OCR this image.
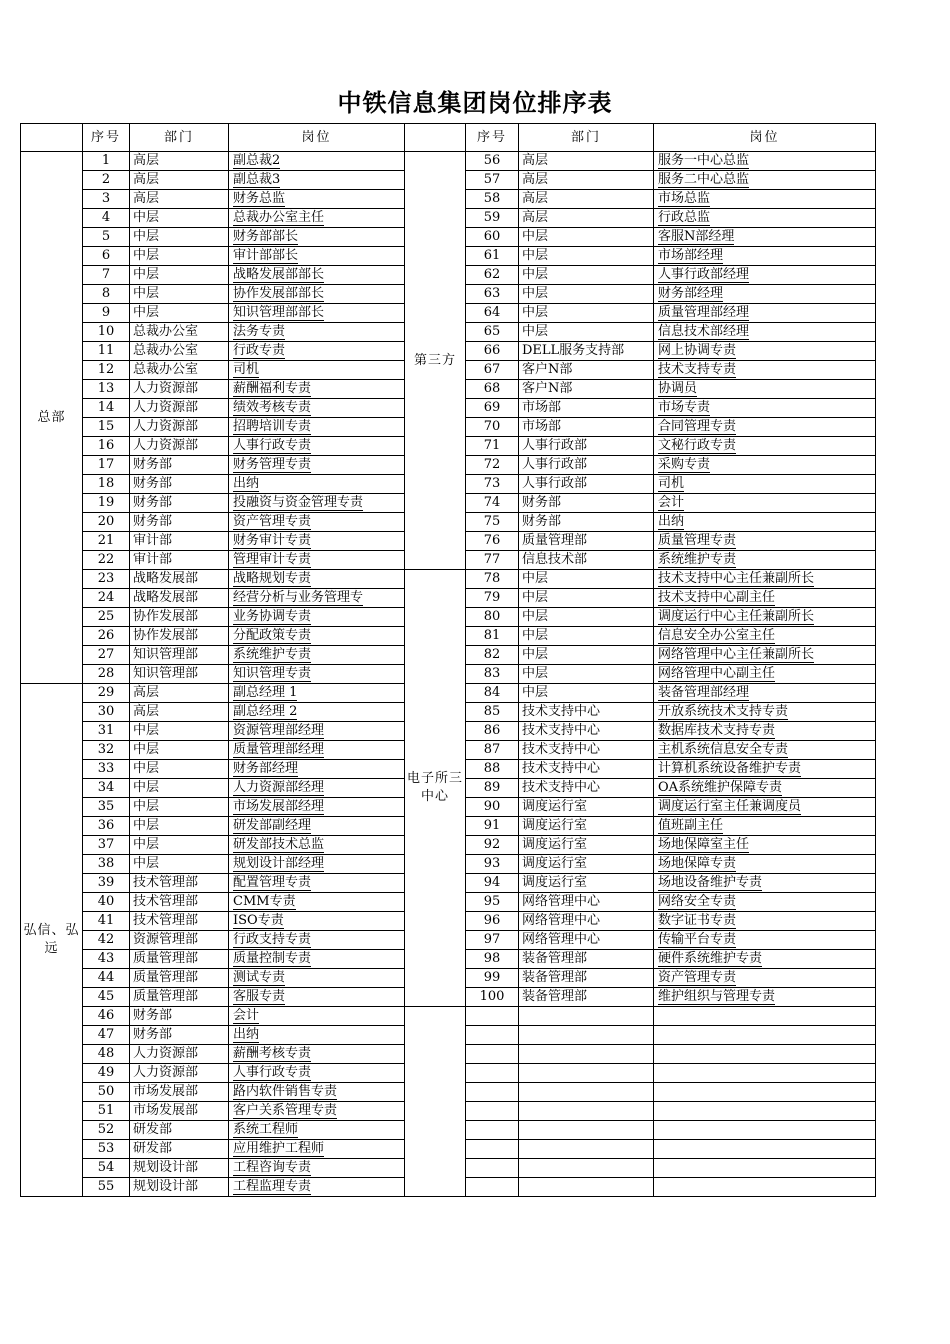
中铁信息集团岗位排序表
	序号	部门	岗位		序号	部门	岗位
总部	1	高层	副总裁2	第三方	56	高层	服务一中心总监
	2	高层	副总裁3		57	高层	服务二中心总监
	3	高层	财务总监		58	高层	市场总监
	4	中层	总裁办公室主任		59	高层	行政总监
	5	中层	财务部部长		60	中层	客服N部经理
	6	中层	审计部部长		61	中层	市场部经理
	7	中层	战略发展部部长		62	中层	人事行政部经理
	8	中层	协作发展部部长		63	中层	财务部经理
	9	中层	知识管理部部长		64	中层	质量管理部经理
	10	总裁办公室	法务专责		65	中层	信息技术部经理
	11	总裁办公室	行政专责		66	DELL服务支持部	网上协调专责
	12	总裁办公室	司机		67	客户N部	技术支持专责
	13	人力资源部	薪酬福利专责		68	客户N部	协调员
	14	人力资源部	绩效考核专责		69	市场部	市场专责
	15	人力资源部	招聘培训专责		70	市场部	合同管理专责
	16	人力资源部	人事行政专责		71	人事行政部	文秘行政专责
	17	财务部	财务管理专责		72	人事行政部	采购专责
	18	财务部	出纳		73	人事行政部	司机
	19	财务部	投融资与资金管理专责		74	财务部	会计
	20	财务部	资产管理专责		75	财务部	出纳
	21	审计部	财务审计专责		76	质量管理部	质量管理专责
	22	审计部	管理审计专责		77	信息技术部	系统维护专责
	23	战略发展部	战略规划专责	电子所三中心	78	中层	技术支持中心主任兼副所长
	24	战略发展部	经营分析与业务管理专		79	中层	技术支持中心副主任
	25	协作发展部	业务协调专责		80	中层	调度运行中心主任兼副所长
	26	协作发展部	分配政策专责		81	中层	信息安全办公室主任
	27	知识管理部	系统维护专责		82	中层	网络管理中心主任兼副所长
	28	知识管理部	知识管理专责		83	中层	网络管理中心副主任
弘信、弘远	29	高层	副总经理 1		84	中层	装备管理部经理
	30	高层	副总经理 2		85	技术支持中心	开放系统技术支持专责
	31	中层	资源管理部经理		86	技术支持中心	数据库技术支持专责
	32	中层	质量管理部经理		87	技术支持中心	主机系统信息安全专责
	33	中层	财务部经理		88	技术支持中心	计算机系统设备维护专责
	34	中层	人力资源部经理		89	技术支持中心	OA系统维护保障专责
	35	中层	市场发展部经理		90	调度运行室	调度运行室主任兼调度员
	36	中层	研发部副经理		91	调度运行室	值班副主任
	37	中层	研发部技术总监		92	调度运行室	场地保障室主任
	38	中层	规划设计部经理		93	调度运行室	场地保障专责
	39	技术管理部	配置管理专责		94	调度运行室	场地设备维护专责
	40	技术管理部	CMM专责		95	网络管理中心	网络安全专责
	41	技术管理部	ISO专责		96	网络管理中心	数字证书专责
	42	资源管理部	行政支持专责		97	网络管理中心	传输平台专责
	43	质量管理部	质量控制专责		98	装备管理部	硬件系统维护专责
	44	质量管理部	测试专责		99	装备管理部	资产管理专责
	45	质量管理部	客服专责		100	装备管理部	维护组织与管理专责
	46	财务部	会计				
	47	财务部	出纳				
	48	人力资源部	薪酬考核专责				
	49	人力资源部	人事行政专责				
	50	市场发展部	路内软件销售专责				
	51	市场发展部	客户关系管理专责				
	52	研发部	系统工程师				
	53	研发部	应用维护工程师				
	54	规划设计部	工程咨询专责				
	55	规划设计部	工程监理专责				
